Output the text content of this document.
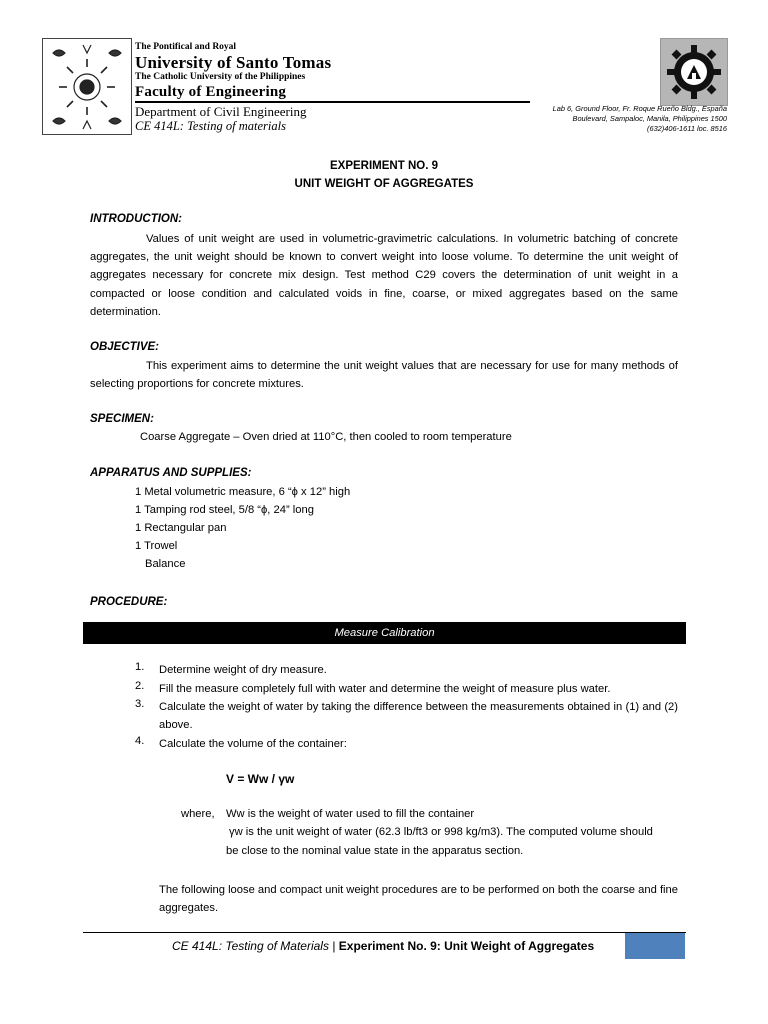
The Pontifical and Royal
University of Santo Tomas
The Catholic University of the Philippines
Faculty of Engineering
Department of Civil Engineering
CE 414L: Testing of materials
Lab 6, Ground Floor, Fr. Roque Rueño Bldg., España
Boulevard, Sampaloc, Manila, Philippines 1500
(632)406-1611 loc. 8516
EXPERIMENT NO. 9
UNIT WEIGHT OF AGGREGATES
INTRODUCTION:

Values of unit weight are used in volumetric-gravimetric calculations. In volumetric batching of concrete aggregates, the unit weight should be known to convert weight into loose volume. To determine the unit weight of aggregates necessary for concrete mix design. Test method C29 covers the determination of unit weight in a compacted or loose condition and calculated voids in fine, coarse, or mixed aggregates based on the same determination.

OBJECTIVE:

This experiment aims to determine the unit weight values that are necessary for use for many methods of selecting proportions for concrete mixtures.

SPECIMEN:
Coarse Aggregate – Oven dried at 110°C, then cooled to room temperature
APPARATUS AND SUPPLIES:
1 Metal volumetric measure, 6 “ϕ x 12” high
1 Tamping rod steel, 5/8 “ϕ, 24” long
1 Rectangular pan
1 Trowel
Balance
PROCEDURE:
Measure Calibration
1. Determine weight of dry measure.

2. Fill the measure completely full with water and determine the weight of measure plus water.

3. Calculate the weight of water by taking the difference between the measurements obtained in (1) and (2) above.

4. Calculate the volume of the container:

V = Ww / γw
where, Ww is the weight of water used to fill the container
γw is the unit weight of water (62.3 lb/ft3 or 998 kg/m3). The computed volume should
be close to the nominal value state in the apparatus section.

The following loose and compact unit weight procedures are to be performed on both the coarse and fine aggregates.

CE 414L: Testing of Materials | Experiment No. 9: Unit Weight of Aggregates
